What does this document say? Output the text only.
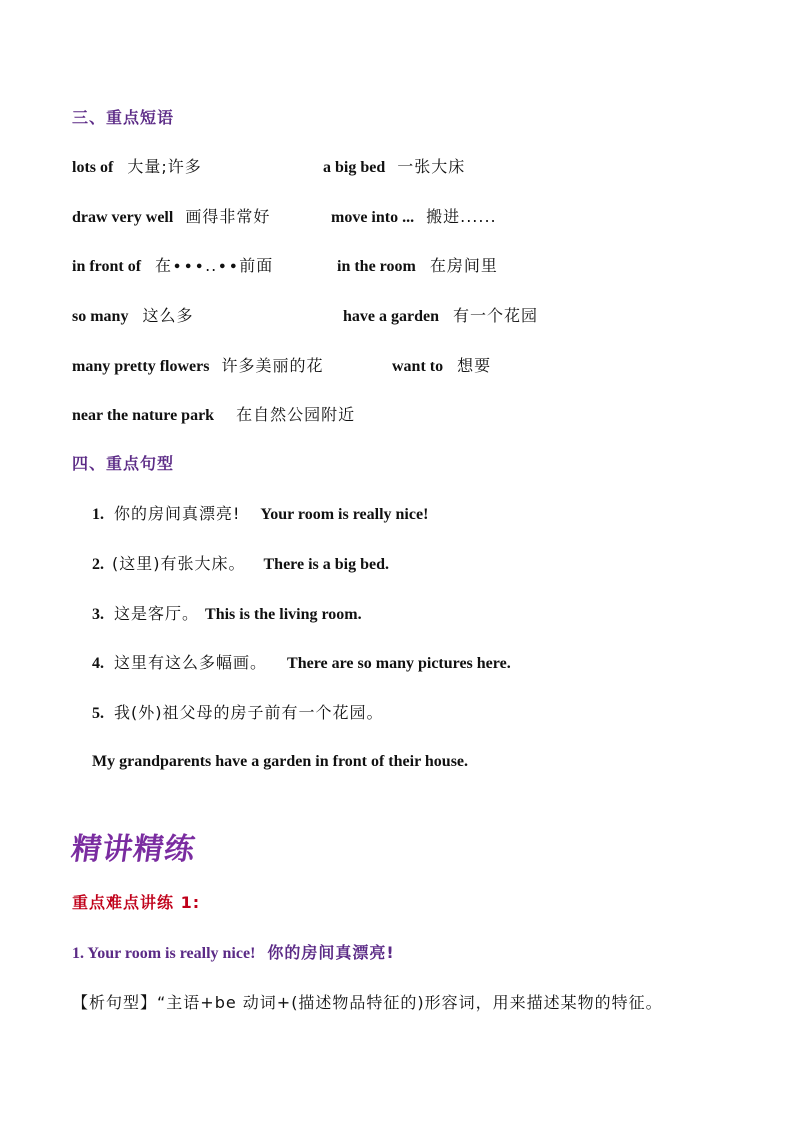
三、重点短语
lots of 大量;许多	a big bed 一张大床
draw very well 画得非常好	move into ... 搬进......
in front of 在∙∙∙..∙∙前面	in the room 在房间里
so many 这么多	have a garden 有一个花园
many pretty flowers 许多美丽的花	want to 想要
near the nature park 在自然公园附近
四、重点句型
1. 你的房间真漂亮! Your room is really nice!
2. (这里)有张大床。 There is a big bed.
3. 这是客厅。 This is the living room.
4. 这里有这么多幅画。 There are so many pictures here.
5. 我(外)祖父母的房子前有一个花园。
My grandparents have a garden in front of their house.
精讲精练
重点难点讲练 1:
1. Your room is really nice! 你的房间真漂亮!
【析句型】“主语+be 动词+(描述物品特征的)形容词，用来描述某物的特征。
